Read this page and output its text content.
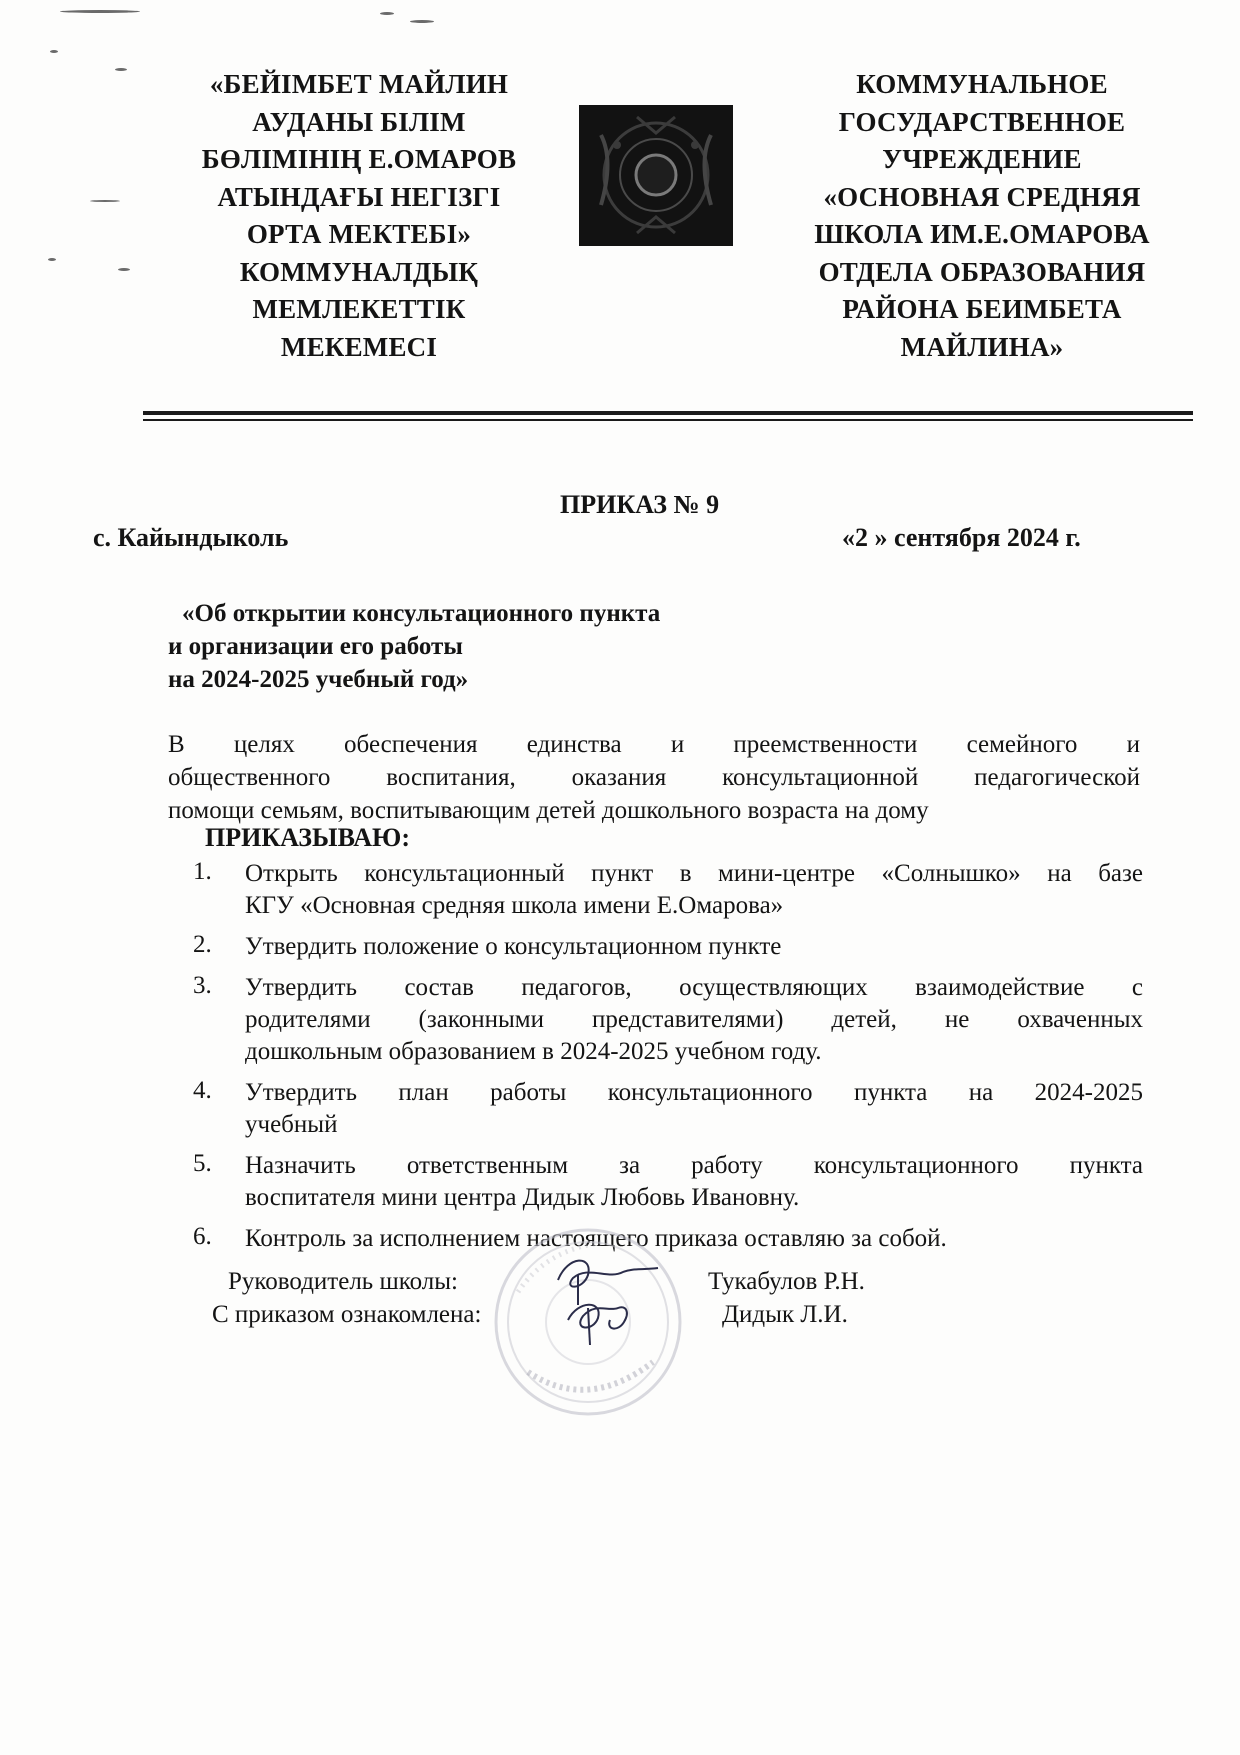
«БЕЙІМБЕТ МАЙЛИН
АУДАНЫ БІЛІМ
БӨЛІМІНІҢ Е.ОМАРОВ
АТЫНДАҒЫ НЕГІЗГІ
ОРТА МЕКТЕБІ»
КОММУНАЛДЫҚ
МЕМЛЕКЕТТІК
МЕКЕМЕСІ
КОММУНАЛЬНОЕ
ГОСУДАРСТВЕННОЕ
УЧРЕЖДЕНИЕ
«ОСНОВНАЯ СРЕДНЯЯ
ШКОЛА ИМ.Е.ОМАРОВА
ОТДЕЛА ОБРАЗОВАНИЯ
РАЙОНА БЕИМБЕТА
МАЙЛИНА»
ПРИКАЗ № 9
с. Кайындыколь	«2 » сентября 2024 г.
«Об открытии консультационного пункта
и организации его работы
на 2024-2025 учебный год»
В целях обеспечения единства и преемственности семейного и
общественного воспитания, оказания консультационной педагогической
помощи семьям, воспитывающим детей дошкольного возраста на дому
ПРИКАЗЫВАЮ:
1. Открыть консультационный пункт в мини-центре «Солнышко» на базе
КГУ «Основная средняя школа имени Е.Омарова»
2. Утвердить положение о консультационном пункте
3. Утвердить состав педагогов, осуществляющих взаимодействие с
родителями (законными представителями) детей, не охваченных
дошкольным образованием в 2024-2025 учебном году.
4. Утвердить план работы консультационного пункта на 2024-2025
учебный
5. Назначить ответственным за работу консультационного пункта
воспитателя мини центра Дидык Любовь Ивановну.
6. Контроль за исполнением настоящего приказа оставляю за собой.
Руководитель школы:	Тукабулов Р.Н.
С приказом ознакомлена:	Дидык Л.И.
